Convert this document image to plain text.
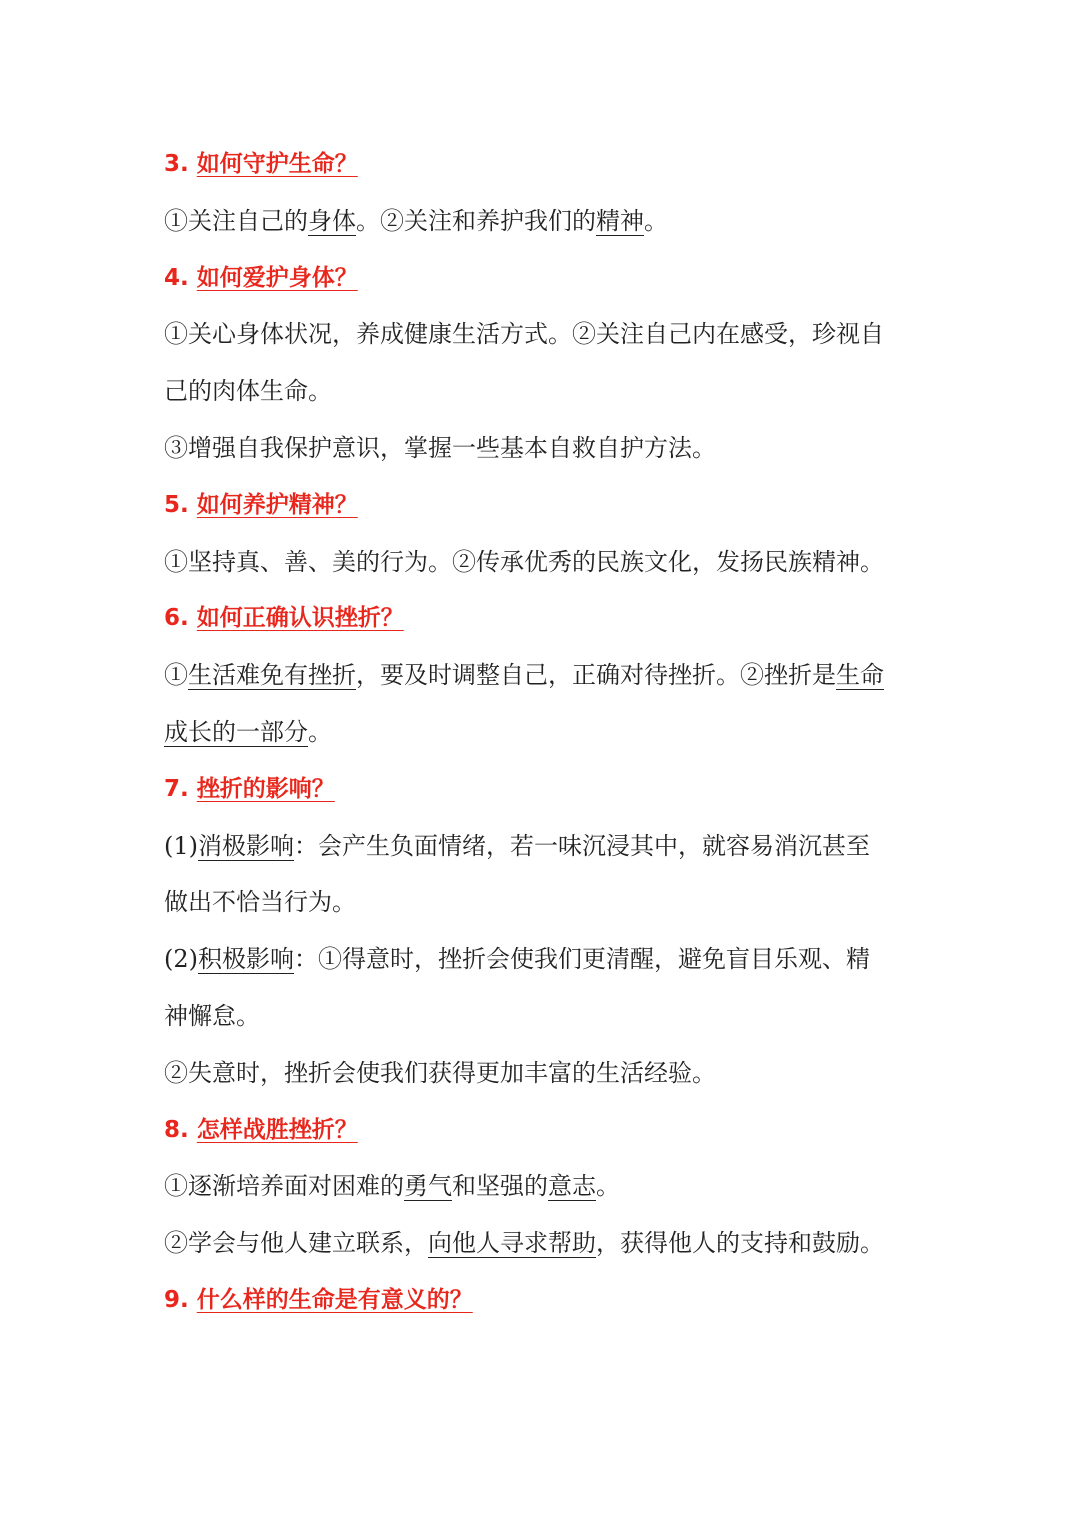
3. 如何守护生命？
①关注自己的身体。②关注和养护我们的精神。
4. 如何爱护身体？
①关心身体状况，养成健康生活方式。②关注自己内在感受，珍视自
己的肉体生命。
③增强自我保护意识，掌握一些基本自救自护方法。
5. 如何养护精神？
①坚持真、善、美的行为。②传承优秀的民族文化，发扬民族精神。
6. 如何正确认识挫折？
①生活难免有挫折，要及时调整自己，正确对待挫折。②挫折是生命
成长的一部分。
7. 挫折的影响？
(1)消极影响：会产生负面情绪，若一味沉浸其中，就容易消沉甚至
做出不恰当行为。
(2)积极影响：①得意时，挫折会使我们更清醒，避免盲目乐观、精
神懈怠。
②失意时，挫折会使我们获得更加丰富的生活经验。
8. 怎样战胜挫折？
①逐渐培养面对困难的勇气和坚强的意志。
②学会与他人建立联系，向他人寻求帮助，获得他人的支持和鼓励。
9. 什么样的生命是有意义的？
